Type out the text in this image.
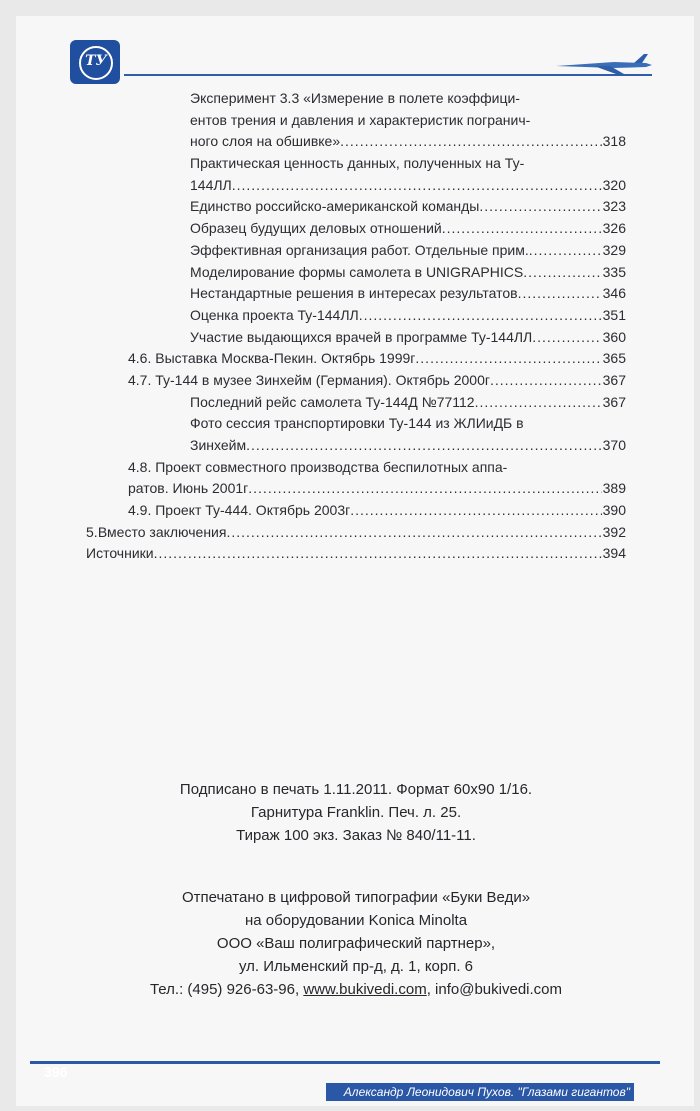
ТУ
Эксперимент 3.3 «Измерение в полете коэффици-
ентов трения и давления и характеристик погранич-
ного слоя на обшивке» .....	318
Практическая ценность данных, полученных на Ту-
144ЛЛ .....	320
Единство российско-американской команды .....	323
Образец будущих деловых отношений .....	326
Эффективная организация работ. Отдельные прим. .....	329
Моделирование формы самолета в UNIGRAPHICS .....	335
Нестандартные решения в интересах результатов .....	346
Оценка проекта Ту-144ЛЛ .....	351
Участие выдающихся врачей в программе Ту-144ЛЛ .....	360
4.6. Выставка Москва-Пекин. Октябрь 1999г .....	365
4.7. Ту-144 в музее Зинхейм (Германия). Октябрь 2000г .....	367
Последний рейс самолета Ту-144Д №77112 .....	367
Фото сессия транспортировки Ту-144 из ЖЛИиДБ в
Зинхейм .....	370
4.8. Проект совместного производства беспилотных аппа-
ратов. Июнь 2001г .....	389
4.9. Проект Ту-444. Октябрь 2003г .....	390
5. Вместо заключения .....	392
Источники .....	394
Подписано в печать 1.11.2011. Формат 60х90 1/16.
Гарнитура Franklin. Печ. л. 25.
Тираж 100 экз. Заказ № 840/11-11.
Отпечатано в цифровой типографии «Буки Веди»
на оборудовании Konica Minolta
ООО «Ваш полиграфический партнер»,
ул. Ильменский пр-д, д. 1, корп. 6
Тел.: (495) 926-63-96, www.bukivedi.com, info@bukivedi.com
396
Александр Леонидович Пухов. "Глазами гигантов"
